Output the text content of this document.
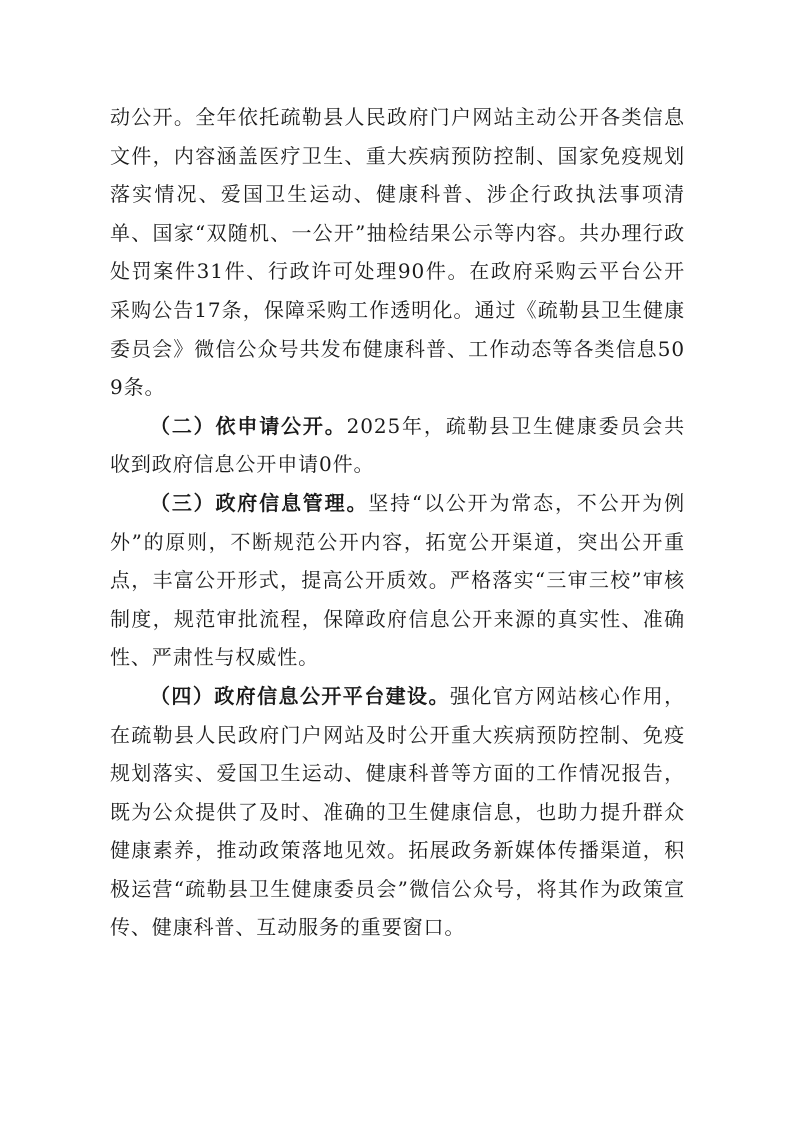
动公开。全年依托疏勒县人民政府门户网站主动公开各类信息文件，内容涵盖医疗卫生、重大疾病预防控制、国家免疫规划落实情况、爱国卫生运动、健康科普、涉企行政执法事项清单、国家“双随机、一公开”抽检结果公示等内容。共办理行政处罚案件31件、行政许可处理90件。在政府采购云平台公开采购公告17条，保障采购工作透明化。通过《疏勒县卫生健康委员会》微信公众号共发布健康科普、工作动态等各类信息509条。

（二）依申请公开。2025年，疏勒县卫生健康委员会共收到政府信息公开申请0件。

（三）政府信息管理。坚持“以公开为常态，不公开为例外”的原则，不断规范公开内容，拓宽公开渠道，突出公开重点，丰富公开形式，提高公开质效。严格落实“三审三校”审核制度，规范审批流程，保障政府信息公开来源的真实性、准确性、严肃性与权威性。

（四）政府信息公开平台建设。强化官方网站核心作用，在疏勒县人民政府门户网站及时公开重大疾病预防控制、免疫规划落实、爱国卫生运动、健康科普等方面的工作情况报告，既为公众提供了及时、准确的卫生健康信息，也助力提升群众健康素养，推动政策落地见效。拓展政务新媒体传播渠道，积极运营“疏勒县卫生健康委员会”微信公众号，将其作为政策宣传、健康科普、互动服务的重要窗口。
